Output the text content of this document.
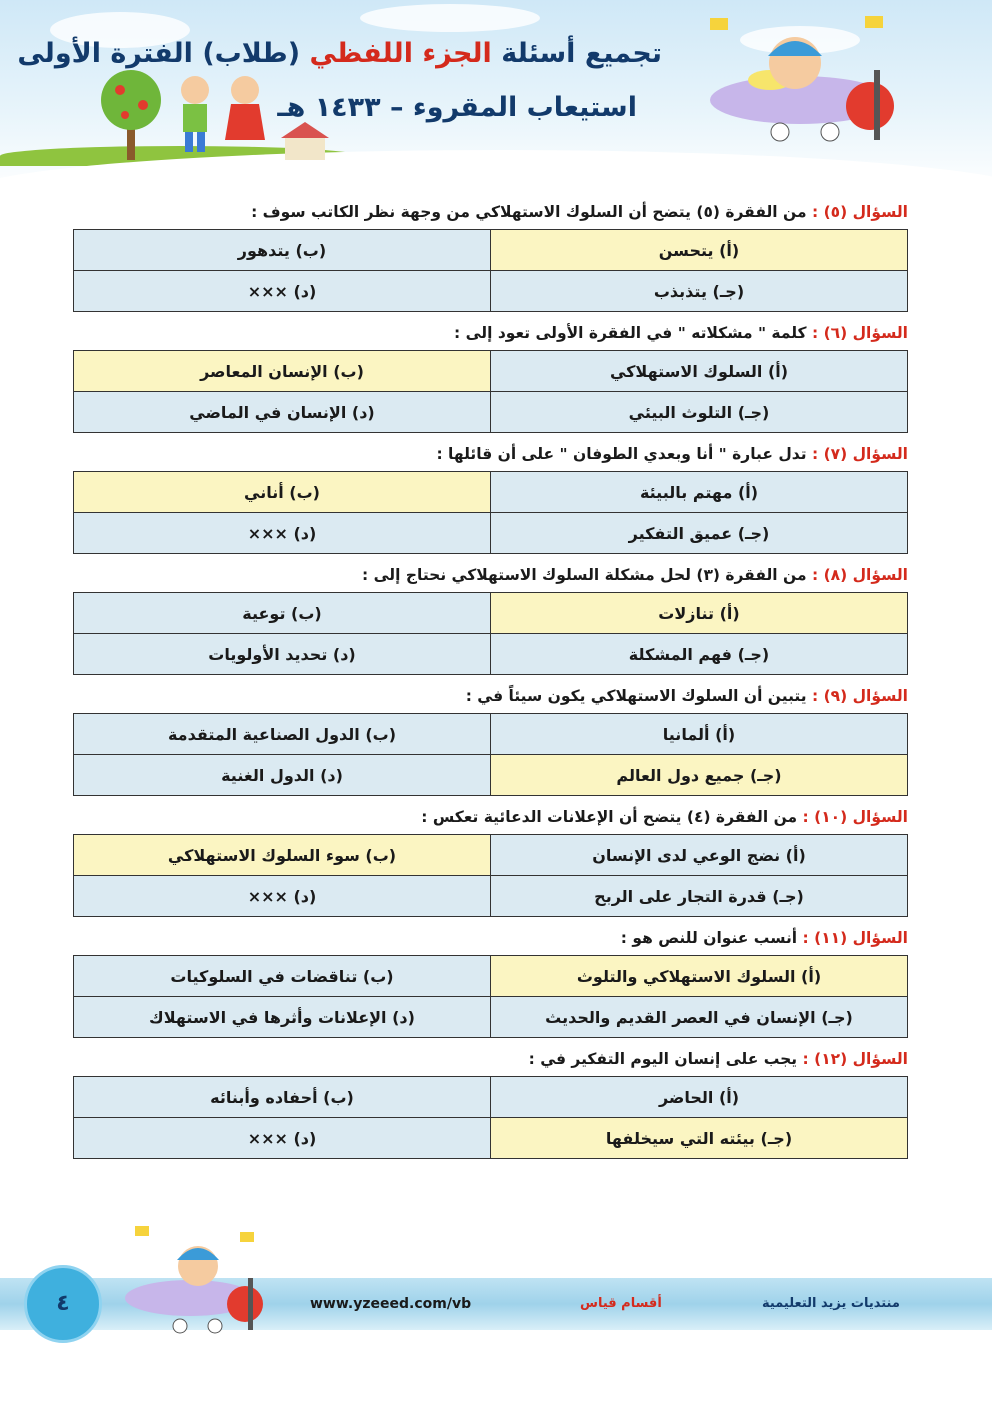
تجميع أسئلة الجزء اللفظي (طلاب) الفترة الأولى
استيعاب المقروء – ١٤٣٣ هـ
السؤال (٥) : من الفقرة (٥) يتضح أن السلوك الاستهلاكي من وجهة نظر الكاتب سوف :
(أ) يتحسن	(ب) يتدهور
(جـ) يتذبذب	(د) ×××
السؤال (٦) : كلمة " مشكلاته " في الفقرة الأولى تعود إلى :
(أ) السلوك الاستهلاكي	(ب) الإنسان المعاصر
(جـ) التلوث البيئي	(د) الإنسان في الماضي
السؤال (٧) : تدل عبارة " أنا وبعدي الطوفان " على أن قائلها :
(أ) مهتم بالبيئة	(ب) أناني
(جـ) عميق التفكير	(د) ×××
السؤال (٨) : من الفقرة (٣) لحل مشكلة السلوك الاستهلاكي نحتاج إلى :
(أ) تنازلات	(ب) توعية
(جـ) فهم المشكلة	(د) تحديد الأولويات
السؤال (٩) : يتبين أن السلوك الاستهلاكي يكون سيئاً في :
(أ) ألمانيا	(ب) الدول الصناعية المتقدمة
(جـ) جميع دول العالم	(د) الدول الغنية
السؤال (١٠) : من الفقرة (٤) يتضح أن الإعلانات الدعائية تعكس :
(أ) نضج الوعي لدى الإنسان	(ب) سوء السلوك الاستهلاكي
(جـ) قدرة التجار على الربح	(د) ×××
السؤال (١١) : أنسب عنوان للنص هو :
(أ) السلوك الاستهلاكي والتلوث	(ب) تناقضات في السلوكيات
(جـ) الإنسان في العصر القديم والحديث	(د) الإعلانات وأثرها في الاستهلاك
السؤال (١٢) : يجب على إنسان اليوم التفكير في :
(أ) الحاضر	(ب) أحفاده وأبنائه
(جـ) بيئته التي سيخلفها	(د) ×××
٤	www.yzeeed.com/vb	أقسام قياس	منتديات يزيد التعليمية
